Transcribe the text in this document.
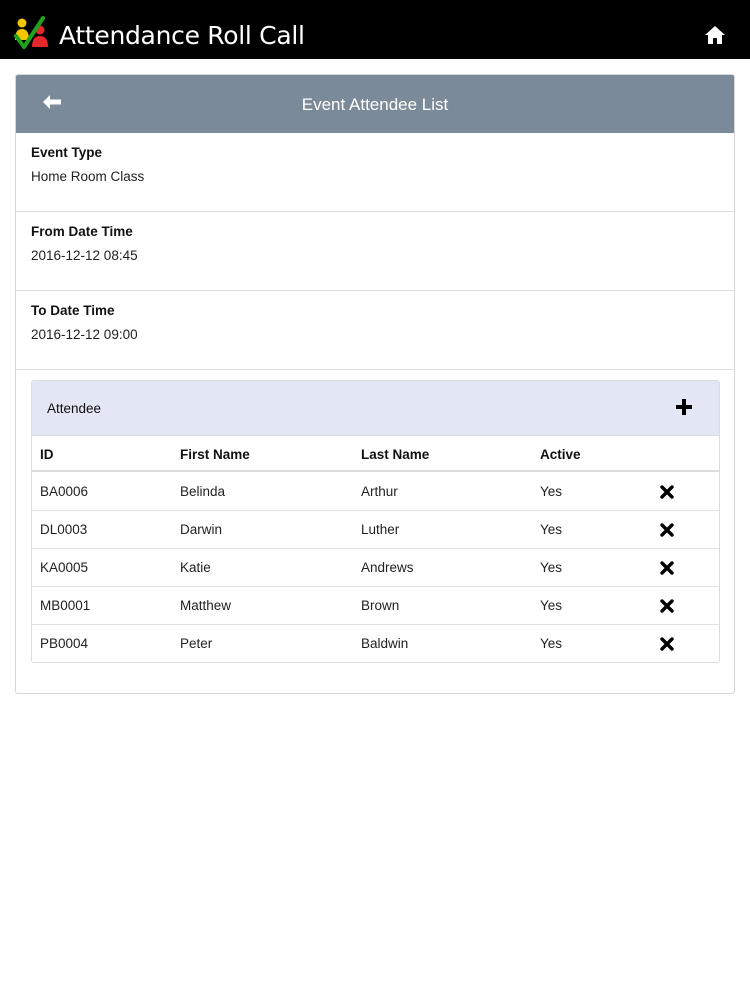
Attendance Roll Call
Event Attendee List
Event Type
Home Room Class
From Date Time
2016-12-12 08:45
To Date Time
2016-12-12 09:00
Attendee
ID	First Name	Last Name	Active
BA0006	Belinda	Arthur	Yes
DL0003	Darwin	Luther	Yes
KA0005	Katie	Andrews	Yes
MB0001	Matthew	Brown	Yes
PB0004	Peter	Baldwin	Yes
